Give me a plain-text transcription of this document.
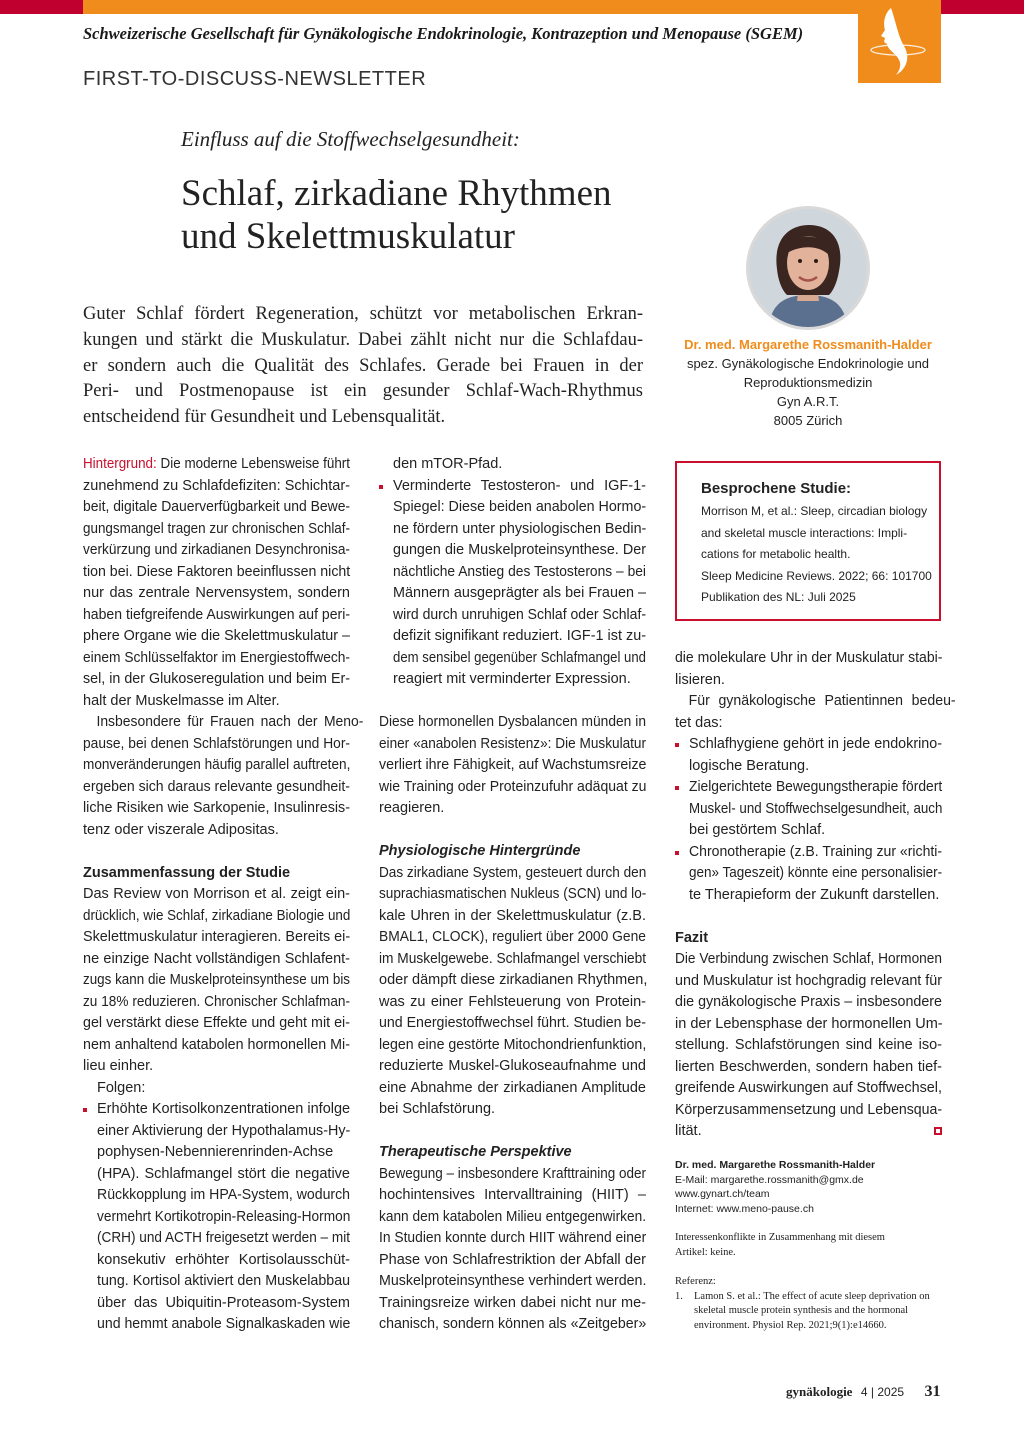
Schweizerische Gesellschaft für Gynäkologische Endokrinologie, Kontrazeption und Menopause (SGEM)
FIRST-TO-DISCUSS-NEWSLETTER
Einfluss auf die Stoffwechselgesundheit:
Schlaf, zirkadiane Rhythmen
und Skelettmuskulatur
Guter Schlaf fördert Regeneration, schützt vor metabolischen Erkran-
kungen und stärkt die Muskulatur. Dabei zählt nicht nur die Schlafdau-
er sondern auch die Qualität des Schlafes. Gerade bei Frauen in der
Peri- und Postmenopause ist ein gesunder Schlaf-Wach-Rhythmus
entscheidend für Gesundheit und Lebensqualität.
Dr. med. Margarethe Rossmanith-Halder
spez. Gynäkologische Endokrinologie und
Reproduktionsmedizin
Gyn A.R.T.
8005 Zürich
Besprochene Studie:
Morrison M, et al.: Sleep, circadian biology
and skeletal muscle interactions: Impli-
cations for metabolic health.
Sleep Medicine Reviews. 2022; 66: 101700
Publikation des NL: Juli 2025
Hintergrund: Die moderne Lebensweise führt
zunehmend zu Schlafdefiziten: Schichtar-
beit, digitale Dauerverfügbarkeit und Bewe-
gungsmangel tragen zur chronischen Schlaf-
verkürzung und zirkadianen Desynchronisa-
tion bei. Diese Faktoren beeinflussen nicht
nur das zentrale Nervensystem, sondern
haben tiefgreifende Auswirkungen auf peri-
phere Organe wie die Skelettmuskulatur –
einem Schlüsselfaktor im Energiestoffwech-
sel, in der Glukoseregulation und beim Er-
halt der Muskelmasse im Alter.
Insbesondere für Frauen nach der Meno-
pause, bei denen Schlafstörungen und Hor-
monveränderungen häufig parallel auftreten,
ergeben sich daraus relevante gesundheit-
liche Risiken wie Sarkopenie, Insulinresis-
tenz oder viszerale Adipositas.
Zusammenfassung der Studie
Das Review von Morrison et al. zeigt ein-
drücklich, wie Schlaf, zirkadiane Biologie und
Skelettmuskulatur interagieren. Bereits ei-
ne einzige Nacht vollständigen Schlafent-
zugs kann die Muskelproteinsynthese um bis
zu 18% reduzieren. Chronischer Schlafman-
gel verstärkt diese Effekte und geht mit ei-
nem anhaltend katabolen hormonellen Mi-
lieu einher.
Folgen:
Erhöhte Kortisolkonzentrationen infolge
einer Aktivierung der Hypothalamus-Hy-
pophysen-Nebennierenrinden-Achse
(HPA). Schlafmangel stört die negative
Rückkopplung im HPA-System, wodurch
vermehrt Kortikotropin-Releasing-Hormon
(CRH) und ACTH freigesetzt werden – mit
konsekutiv erhöhter Kortisolausschüt-
tung. Kortisol aktiviert den Muskelabbau
über das Ubiquitin-Proteasom-System
und hemmt anabole Signalkaskaden wie
den mTOR-Pfad.
Verminderte Testosteron- und IGF-1-
Spiegel: Diese beiden anabolen Hormo-
ne fördern unter physiologischen Bedin-
gungen die Muskelproteinsynthese. Der
nächtliche Anstieg des Testosterons – bei
Männern ausgeprägter als bei Frauen –
wird durch unruhigen Schlaf oder Schlaf-
defizit signifikant reduziert. IGF-1 ist zu-
dem sensibel gegenüber Schlafmangel und
reagiert mit verminderter Expression.
Diese hormonellen Dysbalancen münden in
einer «anabolen Resistenz»: Die Muskulatur
verliert ihre Fähigkeit, auf Wachstumsreize
wie Training oder Proteinzufuhr adäquat zu
reagieren.
Physiologische Hintergründe
Das zirkadiane System, gesteuert durch den
suprachiasmatischen Nukleus (SCN) und lo-
kale Uhren in der Skelettmuskulatur (z.B.
BMAL1, CLOCK), reguliert über 2000 Gene
im Muskelgewebe. Schlafmangel verschiebt
oder dämpft diese zirkadianen Rhythmen,
was zu einer Fehlsteuerung von Protein-
und Energiestoffwechsel führt. Studien be-
legen eine gestörte Mitochondrienfunktion,
reduzierte Muskel-Glukoseaufnahme und
eine Abnahme der zirkadianen Amplitude
bei Schlafstörung.
Therapeutische Perspektive
Bewegung – insbesondere Krafttraining oder
hochintensives Intervalltraining (HIIT) –
kann dem katabolen Milieu entgegenwirken.
In Studien konnte durch HIIT während einer
Phase von Schlafrestriktion der Abfall der
Muskelproteinsynthese verhindert werden.
Trainingsreize wirken dabei nicht nur me-
chanisch, sondern können als «Zeitgeber»
die molekulare Uhr in der Muskulatur stabi-
lisieren.
Für gynäkologische Patientinnen bedeu-
tet das:
Schlafhygiene gehört in jede endokrino-
logische Beratung.
Zielgerichtete Bewegungstherapie fördert
Muskel- und Stoffwechselgesundheit, auch
bei gestörtem Schlaf.
Chronotherapie (z.B. Training zur «richti-
gen» Tageszeit) könnte eine personalisier-
te Therapieform der Zukunft darstellen.
Fazit
Die Verbindung zwischen Schlaf, Hormonen
und Muskulatur ist hochgradig relevant für
die gynäkologische Praxis – insbesondere
in der Lebensphase der hormonellen Um-
stellung. Schlafstörungen sind keine iso-
lierten Beschwerden, sondern haben tief-
greifende Auswirkungen auf Stoffwechsel,
Körperzusammensetzung und Lebensqua-
lität.
Dr. med. Margarethe Rossmanith-Halder
E-Mail: margarethe.rossmanith@gmx.de
www.gynart.ch/team
Internet: www.meno-pause.ch
Interessenkonflikte in Zusammenhang mit diesem
Artikel: keine.
Referenz:
1. Lamon S. et al.: The effect of acute sleep deprivation on
skeletal muscle protein synthesis and the hormonal
environment. Physiol Rep. 2021;9(1):e14660.
gynäkologie 4 | 2025 31
